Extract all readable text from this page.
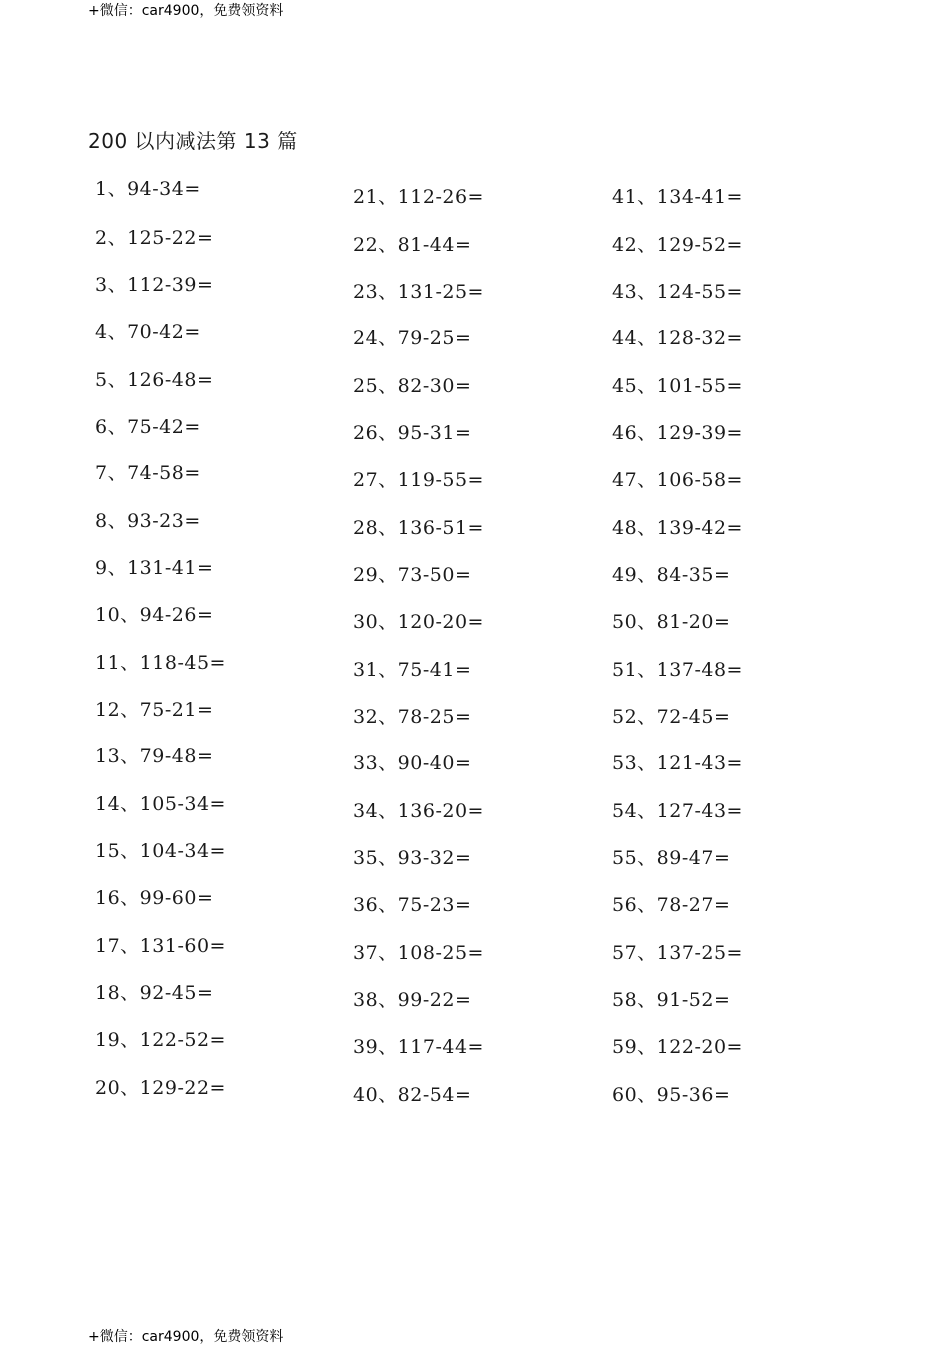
+微信：car4900，免费领资料
200 以内减法第 13 篇
1、94-34=
2、125-22=
3、112-39=
4、70-42=
5、126-48=
6、75-42=
7、74-58=
8、93-23=
9、131-41=
10、94-26=
11、118-45=
12、75-21=
13、79-48=
14、105-34=
15、104-34=
16、99-60=
17、131-60=
18、92-45=
19、122-52=
20、129-22=
21、112-26=
22、81-44=
23、131-25=
24、79-25=
25、82-30=
26、95-31=
27、119-55=
28、136-51=
29、73-50=
30、120-20=
31、75-41=
32、78-25=
33、90-40=
34、136-20=
35、93-32=
36、75-23=
37、108-25=
38、99-22=
39、117-44=
40、82-54=
41、134-41=
42、129-52=
43、124-55=
44、128-32=
45、101-55=
46、129-39=
47、106-58=
48、139-42=
49、84-35=
50、81-20=
51、137-48=
52、72-45=
53、121-43=
54、127-43=
55、89-47=
56、78-27=
57、137-25=
58、91-52=
59、122-20=
60、95-36=
+微信：car4900，免费领资料
